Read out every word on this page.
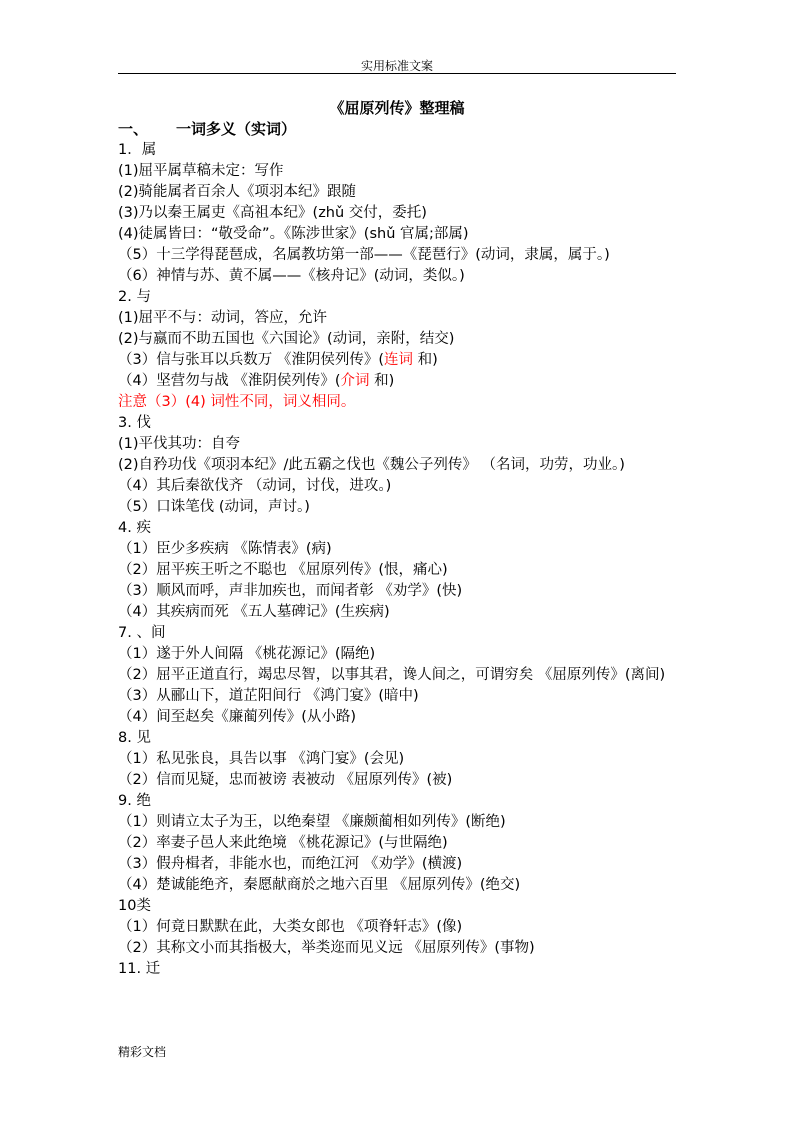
实用标准文案
《屈原列传》整理稿
一、 一词多义（实词）
1．属
(1)屈平属草稿未定：写作
(2)骑能属者百余人《项羽本纪》跟随
(3)乃以秦王属吏《高祖本纪》(zhǔ 交付，委托)
(4)徒属皆曰：“敬受命”。《陈涉世家》(shǔ 官属;部属)
（5）十三学得琵琶成，名属教坊第一部——《琵琶行》(动词，隶属，属于。)
（6）神情与苏、黄不属——《核舟记》(动词，类似。)
2. 与
(1)屈平不与：动词，答应，允许
(2)与嬴而不助五国也《六国论》(动词，亲附，结交)
（3）信与张耳以兵数万 《淮阴侯列传》(连词 和)
（4）坚营勿与战 《淮阴侯列传》(介词 和)
注意（3）(4) 词性不同，词义相同。
3. 伐
(1)平伐其功：自夸
(2)自矜功伐《项羽本纪》/此五霸之伐也《魏公子列传》 （名词，功劳，功业。)
（4）其后秦欲伐齐 （动词，讨伐，进攻。)
（5）口诛笔伐 (动词，声讨。)
4. 疾
（1）臣少多疾病 《陈情表》(病)
（2）屈平疾王听之不聪也 《屈原列传》(恨，痛心)
（3）顺风而呼，声非加疾也，而闻者彰 《劝学》(快)
（4）其疾病而死 《五人墓碑记》(生疾病)
7. 、间
（1）遂于外人间隔 《桃花源记》(隔绝)
（2）屈平正道直行，竭忠尽智，以事其君，谗人间之，可谓穷矣 《屈原列传》(离间)
（3）从郦山下，道芷阳间行 《鸿门宴》(暗中)
（4）间至赵矣《廉蔺列传》(从小路)
8. 见
（1）私见张良，具告以事 《鸿门宴》(会见)
（2）信而见疑，忠而被谤 表被动 《屈原列传》(被)
9. 绝
（1）则请立太子为王，以绝秦望 《廉颇蔺相如列传》(断绝)
（2）率妻子邑人来此绝境 《桃花源记》(与世隔绝)
（3）假舟楫者，非能水也，而绝江河 《劝学》(横渡)
（4）楚诚能绝齐，秦愿献商於之地六百里 《屈原列传》(绝交)
10类
（1）何竟日默默在此，大类女郎也 《项脊轩志》(像)
（2）其称文小而其指极大，举类迩而见义远 《屈原列传》(事物)
11. 迁
精彩文档
